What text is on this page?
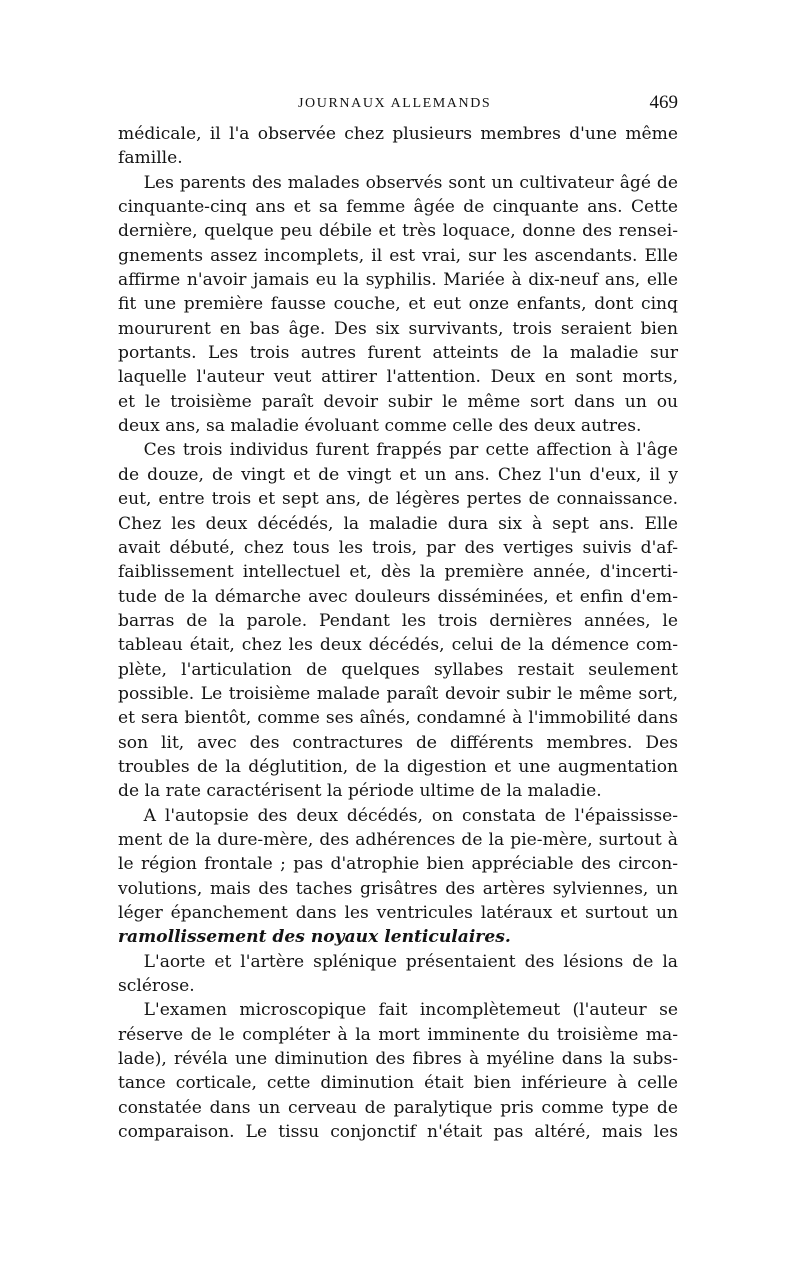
JOURNAUX ALLEMANDS	469

médicale, il l'a observée chez plusieurs membres d'une même
famille.

Les parents des malades observés sont un cultivateur âgé de
cinquante-cinq ans et sa femme âgée de cinquante ans. Cette
dernière, quelque peu débile et très loquace, donne des rensei-
gnements assez incomplets, il est vrai, sur les ascendants. Elle
affirme n'avoir jamais eu la syphilis. Mariée à dix-neuf ans, elle
fit une première fausse couche, et eut onze enfants, dont cinq
moururent en bas âge. Des six survivants, trois seraient bien
portants. Les trois autres furent atteints de la maladie sur
laquelle l'auteur veut attirer l'attention. Deux en sont morts,
et le troisième paraît devoir subir le même sort dans un ou
deux ans, sa maladie évoluant comme celle des deux autres.

Ces trois individus furent frappés par cette affection à l'âge
de douze, de vingt et de vingt et un ans. Chez l'un d'eux, il y
eut, entre trois et sept ans, de légères pertes de connaissance.
Chez les deux décédés, la maladie dura six à sept ans. Elle
avait débuté, chez tous les trois, par des vertiges suivis d'af-
faiblissement intellectuel et, dès la première année, d'incerti-
tude de la démarche avec douleurs disséminées, et enfin d'em-
barras de la parole. Pendant les trois dernières années, le
tableau était, chez les deux décédés, celui de la démence com-
plète, l'articulation de quelques syllabes restait seulement
possible. Le troisième malade paraît devoir subir le même sort,
et sera bientôt, comme ses aînés, condamné à l'immobilité dans
son lit, avec des contractures de différents membres. Des
troubles de la déglutition, de la digestion et une augmentation
de la rate caractérisent la période ultime de la maladie.

A l'autopsie des deux décédés, on constata de l'épaississe-
ment de la dure-mère, des adhérences de la pie-mère, surtout à
le région frontale ; pas d'atrophie bien appréciable des circon-
volutions, mais des taches grisâtres des artères sylviennes, un
léger épanchement dans les ventricules latéraux et surtout un
ramollissement des noyaux lenticulaires.

L'aorte et l'artère splénique présentaient des lésions de la
sclérose.

L'examen microscopique fait incomplètemeut (l'auteur se
réserve de le compléter à la mort imminente du troisième ma-
lade), révéla une diminution des fibres à myéline dans la subs-
tance corticale, cette diminution était bien inférieure à celle
constatée dans un cerveau de paralytique pris comme type de
comparaison. Le tissu conjonctif n'était pas altéré, mais les
